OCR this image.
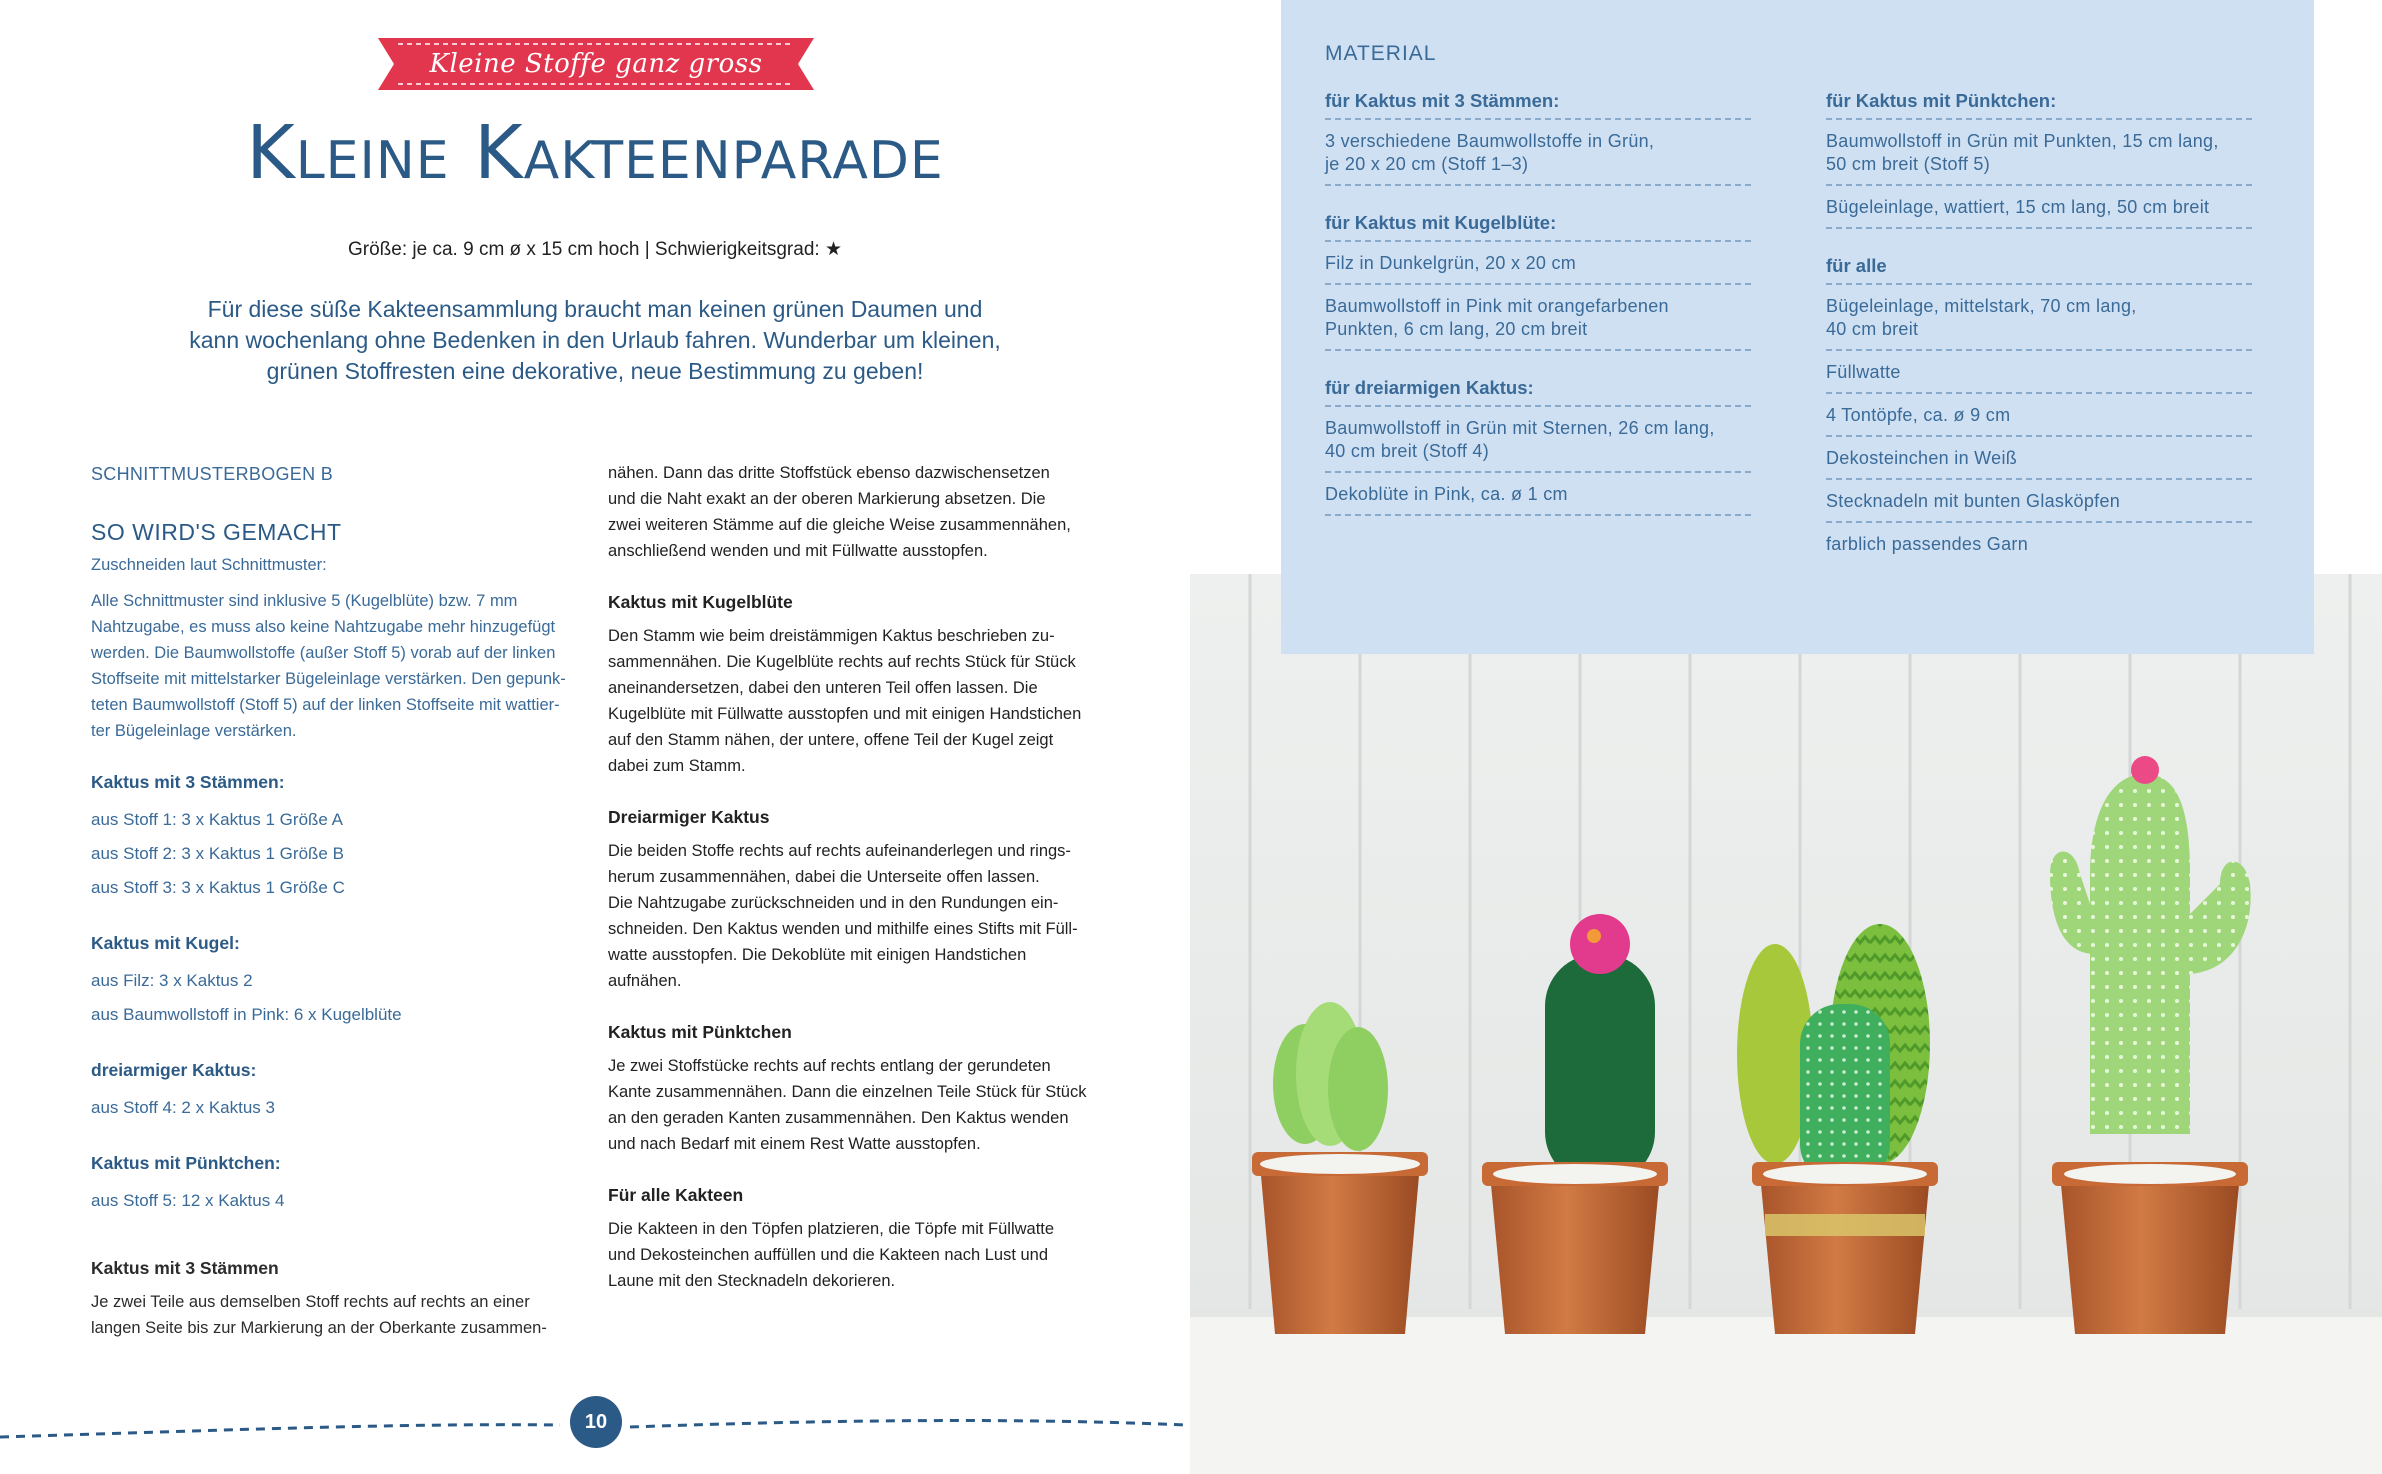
Kleine Stoffe ganz gross
Kleine Kakteenparade
Größe: je ca. 9 cm ø x 15 cm hoch | Schwierigkeitsgrad: ★
Für diese süße Kakteensammlung braucht man keinen grünen Daumen und
kann wochenlang ohne Bedenken in den Urlaub fahren. Wunderbar um kleinen,
grünen Stoffresten eine dekorative, neue Bestimmung zu geben!
SCHNITTMUSTERBOGEN B
SO WIRD'S GEMACHT

Zuschneiden laut Schnittmuster:

Alle Schnittmuster sind inklusive 5 (Kugelblüte) bzw. 7 mm

Nahtzugabe, es muss also keine Nahtzugabe mehr hinzugefügt

werden. Die Baumwollstoffe (außer Stoff 5) vorab auf der linken

Stoffseite mit mittelstarker Bügeleinlage verstärken. Den gepunk-

teten Baumwollstoff (Stoff 5) auf der linken Stoffseite mit wattier-

ter Bügeleinlage verstärken.

Kaktus mit 3 Stämmen:

aus Stoff 1: 3 x Kaktus 1 Größe A

aus Stoff 2: 3 x Kaktus 1 Größe B

aus Stoff 3: 3 x Kaktus 1 Größe C

Kaktus mit Kugel:

aus Filz: 3 x Kaktus 2

aus Baumwollstoff in Pink: 6 x Kugelblüte

dreiarmiger Kaktus:

aus Stoff 4: 2 x Kaktus 3

Kaktus mit Pünktchen:

aus Stoff 5: 12 x Kaktus 4

Kaktus mit 3 Stämmen

Je zwei Teile aus demselben Stoff rechts auf rechts an einer

langen Seite bis zur Markierung an der Oberkante zusammen-

nähen. Dann das dritte Stoffstück ebenso dazwischensetzen

und die Naht exakt an der oberen Markierung absetzen. Die

zwei weiteren Stämme auf die gleiche Weise zusammennähen,

anschließend wenden und mit Füllwatte ausstopfen.

Kaktus mit Kugelblüte

Den Stamm wie beim dreistämmigen Kaktus beschrieben zu-

sammennähen. Die Kugelblüte rechts auf rechts Stück für Stück

aneinandersetzen, dabei den unteren Teil offen lassen. Die

Kugelblüte mit Füllwatte ausstopfen und mit einigen Handstichen

auf den Stamm nähen, der untere, offene Teil der Kugel zeigt

dabei zum Stamm.

Dreiarmiger Kaktus

Die beiden Stoffe rechts auf rechts aufeinanderlegen und rings-

herum zusammennähen, dabei die Unterseite offen lassen.

Die Nahtzugabe zurückschneiden und in den Rundungen ein-

schneiden. Den Kaktus wenden und mithilfe eines Stifts mit Füll-

watte ausstopfen. Die Dekoblüte mit einigen Handstichen

aufnähen.

Kaktus mit Pünktchen

Je zwei Stoffstücke rechts auf rechts entlang der gerundeten

Kante zusammennähen. Dann die einzelnen Teile Stück für Stück

an den geraden Kanten zusammennähen. Den Kaktus wenden

und nach Bedarf mit einem Rest Watte ausstopfen.

Für alle Kakteen

Die Kakteen in den Töpfen platzieren, die Töpfe mit Füllwatte

und Dekosteinchen auffüllen und die Kakteen nach Lust und

Laune mit den Stecknadeln dekorieren.

10
MATERIAL
für Kaktus mit 3 Stämmen:
3 verschiedene Baumwollstoffe in Grün,
je 20 x 20 cm (Stoff 1–3)
für Kaktus mit Kugelblüte:
Filz in Dunkelgrün, 20 x 20 cm
Baumwollstoff in Pink mit orangefarbenen
Punkten, 6 cm lang, 20 cm breit
für dreiarmigen Kaktus:
Baumwollstoff in Grün mit Sternen, 26 cm lang,
40 cm breit (Stoff 4)
Dekoblüte in Pink, ca. ø 1 cm
für Kaktus mit Pünktchen:
Baumwollstoff in Grün mit Punkten, 15 cm lang,
50 cm breit (Stoff 5)
Bügeleinlage, wattiert, 15 cm lang, 50 cm breit
für alle
Bügeleinlage, mittelstark, 70 cm lang,
40 cm breit
Füllwatte
4 Tontöpfe, ca. ø 9 cm
Dekosteinchen in Weiß
Stecknadeln mit bunten Glasköpfen
farblich passendes Garn
